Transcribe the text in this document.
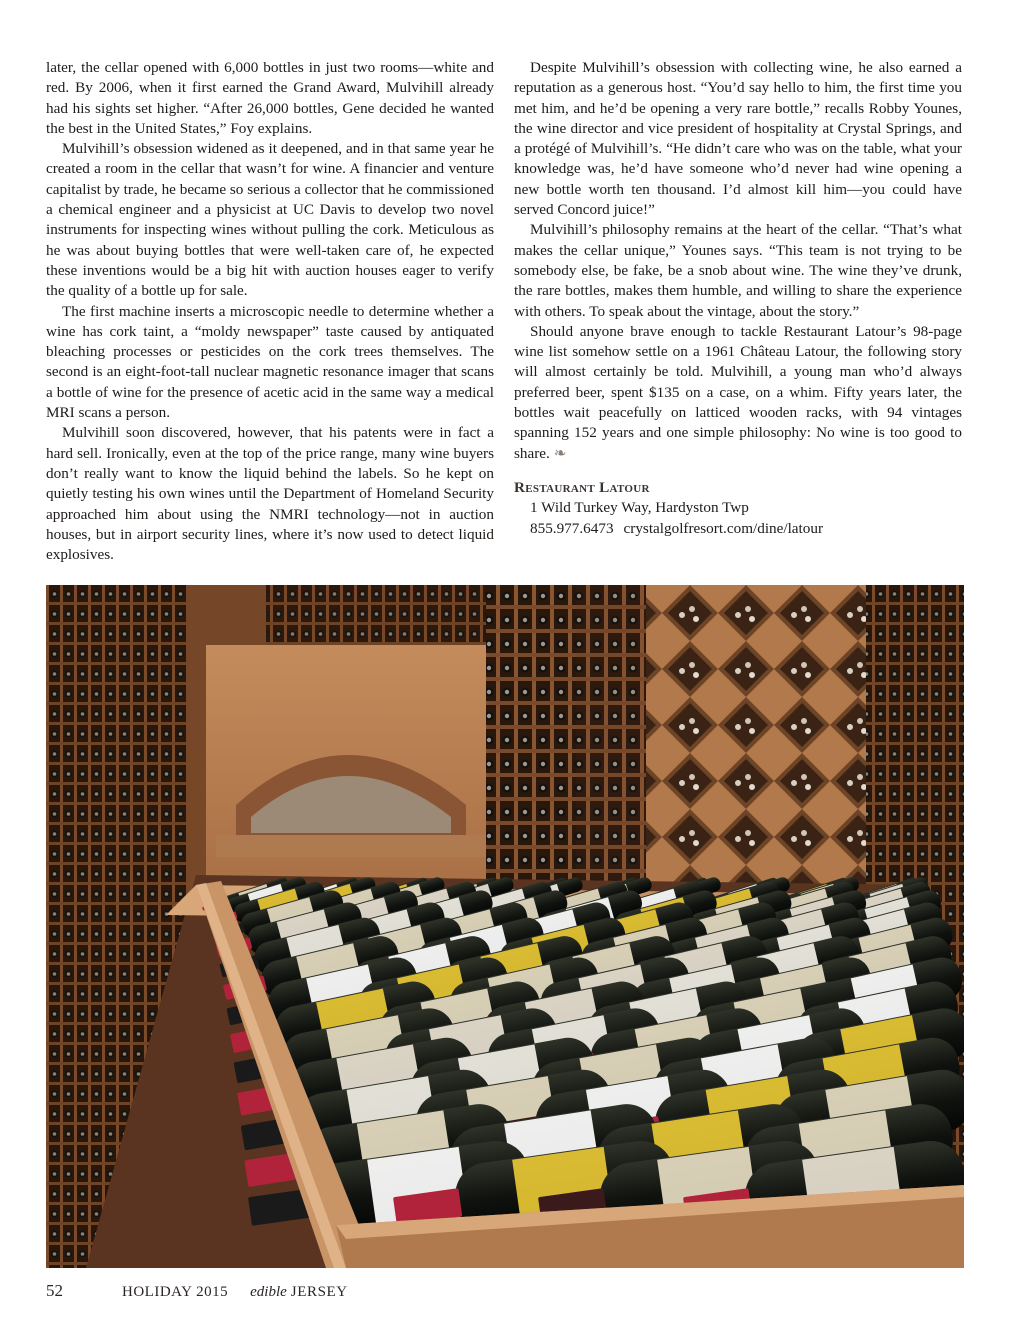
later, the cellar opened with 6,000 bottles in just two rooms—white and red. By 2006, when it first earned the Grand Award, Mulvihill already had his sights set higher. “After 26,000 bottles, Gene decided he wanted the best in the United States,” Foy explains.

Mulvihill’s obsession widened as it deepened, and in that same year he created a room in the cellar that wasn’t for wine. A financier and venture capitalist by trade, he became so serious a collector that he commissioned a chemical engineer and a physicist at UC Davis to develop two novel instruments for inspecting wines without pulling the cork. Meticulous as he was about buying bottles that were well-taken care of, he expected these inventions would be a big hit with auction houses eager to verify the quality of a bottle up for sale.

The first machine inserts a microscopic needle to determine whether a wine has cork taint, a “moldy newspaper” taste caused by antiquated bleaching processes or pesticides on the cork trees themselves. The second is an eight-foot-tall nuclear magnetic resonance imager that scans a bottle of wine for the presence of acetic acid in the same way a medical MRI scans a person.

Mulvihill soon discovered, however, that his patents were in fact a hard sell. Ironically, even at the top of the price range, many wine buyers don’t really want to know the liquid behind the labels. So he kept on quietly testing his own wines until the Department of Homeland Security approached him about using the NMRI technology—not in auction houses, but in airport security lines, where it’s now used to detect liquid explosives.

Despite Mulvihill’s obsession with collecting wine, he also earned a reputation as a generous host. “You’d say hello to him, the first time you met him, and he’d be opening a very rare bottle,” recalls Robby Younes, the wine director and vice president of hospitality at Crystal Springs, and a protégé of Mulvihill’s. “He didn’t care who was on the table, what your knowledge was, he’d have someone who’d never had wine opening a new bottle worth ten thousand. I’d almost kill him—you could have served Concord juice!”

Mulvihill’s philosophy remains at the heart of the cellar. “That’s what makes the cellar unique,” Younes says. “This team is not trying to be somebody else, be fake, be a snob about wine. The wine they’ve drunk, the rare bottles, makes them humble, and willing to share the experience with others. To speak about the vintage, about the story.”

Should anyone brave enough to tackle Restaurant Latour’s 98-page wine list somehow settle on a 1961 Château Latour, the following story will almost certainly be told. Mulvihill, a young man who’d always preferred beer, spent $135 on a case, on a whim. Fifty years later, the bottles wait peacefully on latticed wooden racks, with 94 vintages spanning 152 years and one simple philosophy: No wine is too good to share. ❧

Restaurant Latour
1 Wild Turkey Way, Hardyston Twp
855.977.6473 crystalgolfresort.com/dine/latour
52	HOLIDAY 2015 edible JERSEY
